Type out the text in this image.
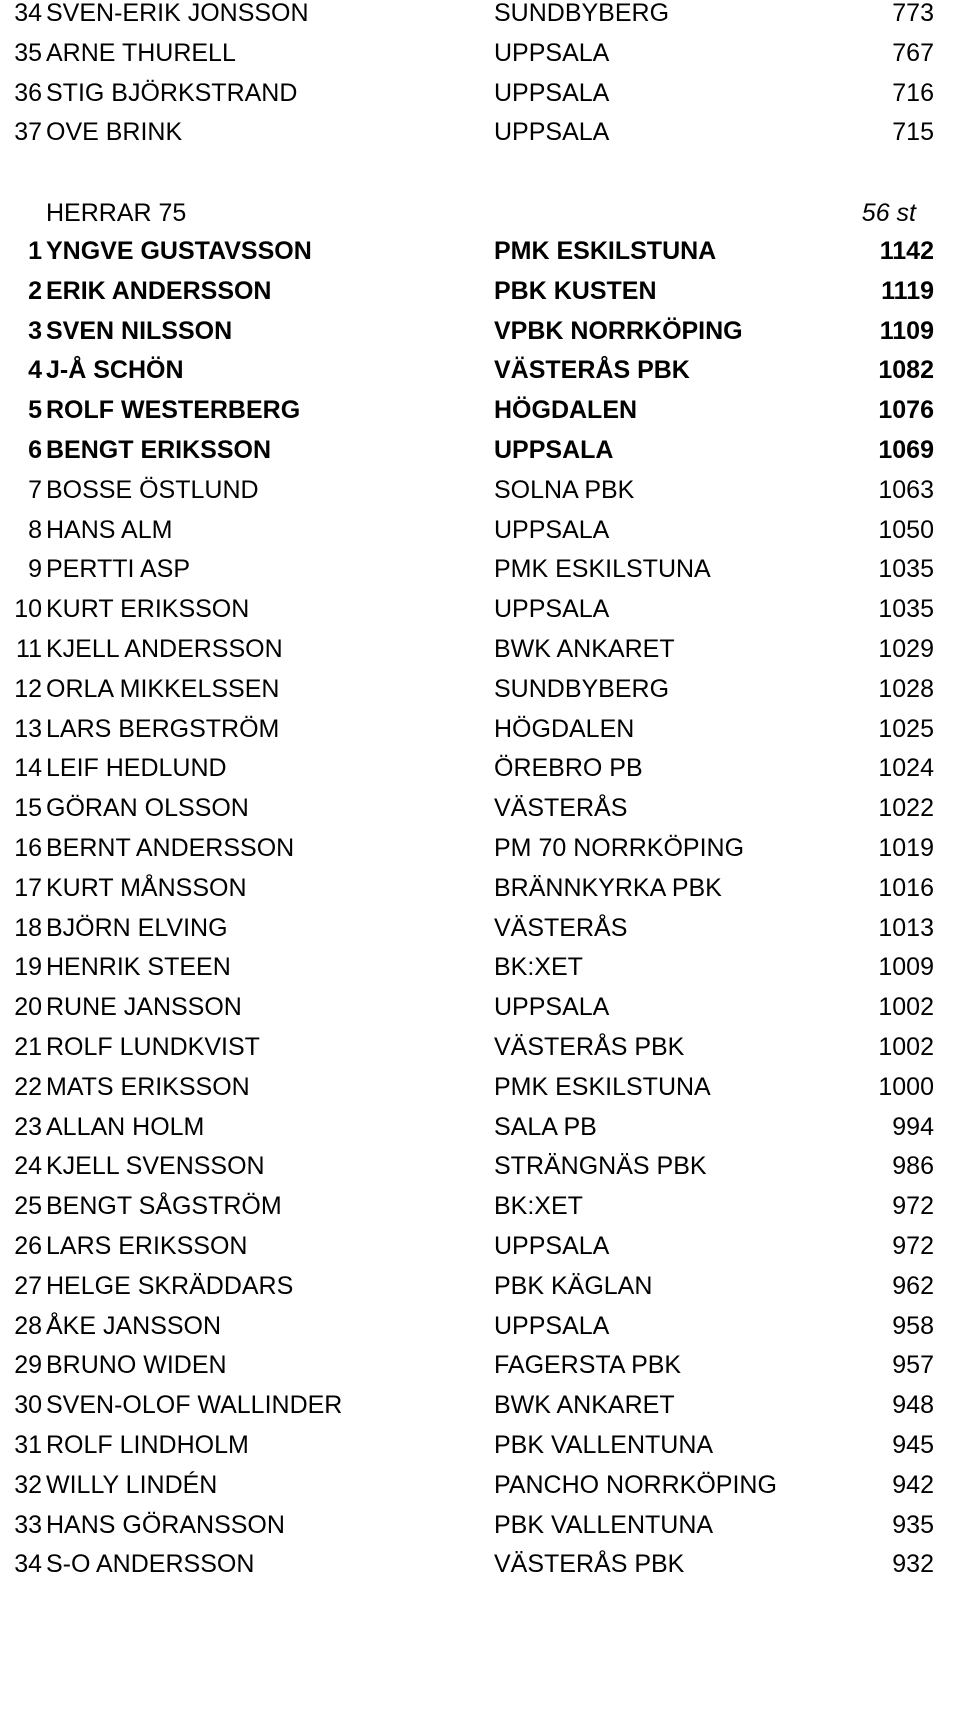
34 SVEN-ERIK JONSSON	SUNDBYBERG	773
35 ARNE THURELL	UPPSALA	767
36 STIG BJÖRKSTRAND	UPPSALA	716
37 OVE BRINK	UPPSALA	715
HERRAR 75	56 st
1 YNGVE GUSTAVSSON	PMK ESKILSTUNA	1142
2 ERIK ANDERSSON	PBK KUSTEN	1119
3 SVEN NILSSON	VPBK NORRKÖPING	1109
4 J-Å SCHÖN	VÄSTERÅS PBK	1082
5 ROLF WESTERBERG	HÖGDALEN	1076
6 BENGT ERIKSSON	UPPSALA	1069
7 BOSSE ÖSTLUND	SOLNA PBK	1063
8 HANS ALM	UPPSALA	1050
9 PERTTI ASP	PMK ESKILSTUNA	1035
10 KURT ERIKSSON	UPPSALA	1035
11 KJELL ANDERSSON	BWK ANKARET	1029
12 ORLA MIKKELSSEN	SUNDBYBERG	1028
13 LARS BERGSTRÖM	HÖGDALEN	1025
14 LEIF HEDLUND	ÖREBRO PB	1024
15 GÖRAN OLSSON	VÄSTERÅS	1022
16 BERNT ANDERSSON	PM 70 NORRKÖPING	1019
17 KURT MÅNSSON	BRÄNNKYRKA PBK	1016
18 BJÖRN ELVING	VÄSTERÅS	1013
19 HENRIK STEEN	BK:XET	1009
20 RUNE JANSSON	UPPSALA	1002
21 ROLF LUNDKVIST	VÄSTERÅS PBK	1002
22 MATS ERIKSSON	PMK ESKILSTUNA	1000
23 ALLAN HOLM	SALA PB	994
24 KJELL SVENSSON	STRÄNGNÄS PBK	986
25 BENGT SÅGSTRÖM	BK:XET	972
26 LARS ERIKSSON	UPPSALA	972
27 HELGE SKRÄDDARS	PBK KÄGLAN	962
28 ÅKE JANSSON	UPPSALA	958
29 BRUNO WIDEN	FAGERSTA PBK	957
30 SVEN-OLOF WALLINDER	BWK ANKARET	948
31 ROLF LINDHOLM	PBK VALLENTUNA	945
32 WILLY LINDÉN	PANCHO NORRKÖPING	942
33 HANS GÖRANSSON	PBK VALLENTUNA	935
34 S-O ANDERSSON	VÄSTERÅS PBK	932
